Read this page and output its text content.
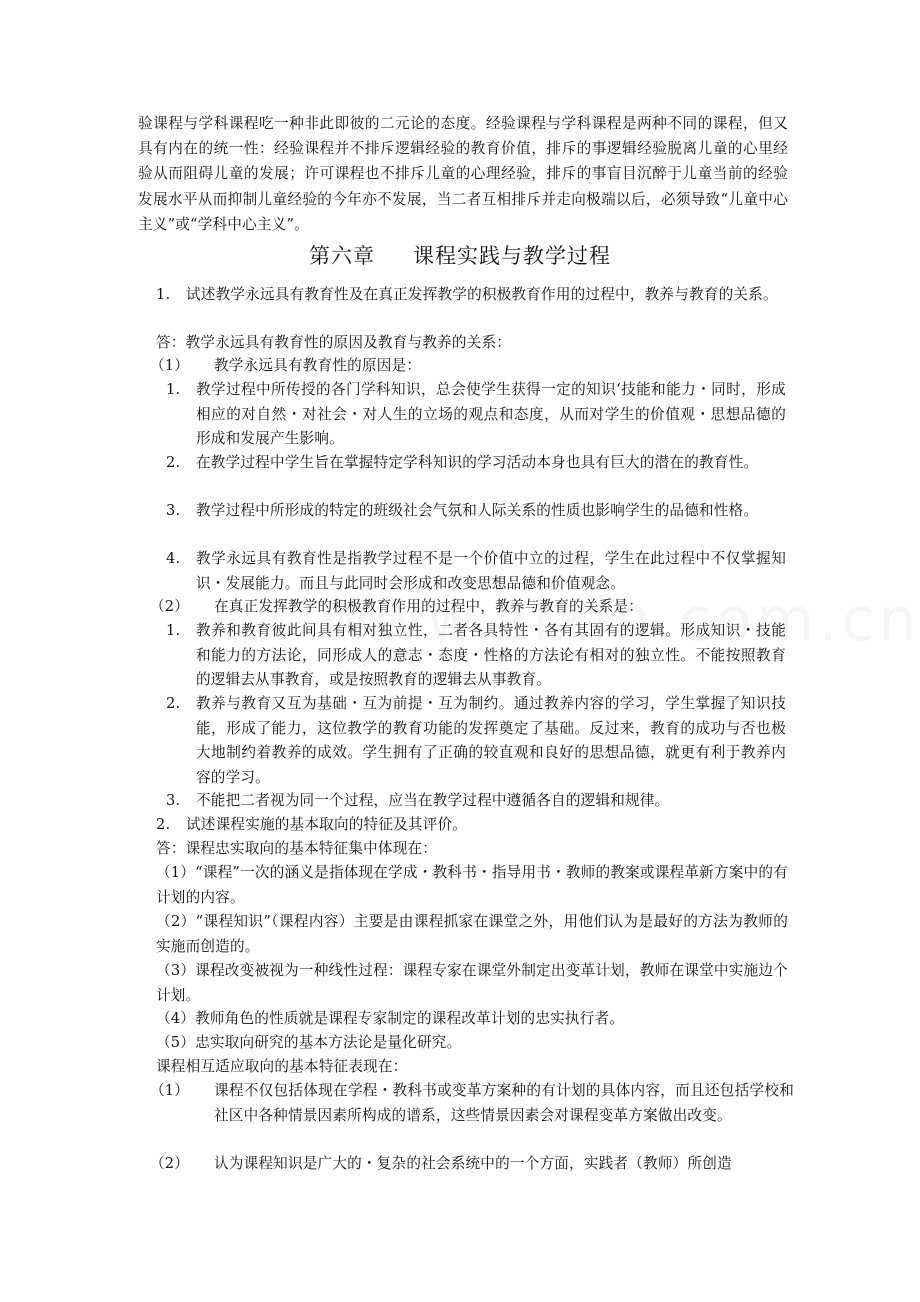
验课程与学科课程吃一种非此即彼的二元论的态度。经验课程与学科课程是两种不同的课程，但又具有内在的统一性：经验课程并不排斥逻辑经验的教育价值，排斥的事逻辑经验脱离儿童的心里经验从而阻碍儿童的发展；许可课程也不排斥儿童的心理经验，排斥的事盲目沉醉于儿童当前的经验发展水平从而抑制儿童经验的今年亦不发展，当二者互相排斥并走向极端以后，必须导致“儿童中心主义”或“学科中心主义”。
第六章 课程实践与教学过程
1. 试述教学永远具有教育性及在真正发挥教学的积极教育作用的过程中，教养与教育的关系。
答：教学永远具有教育性的原因及教育与教养的关系：
（1） 教学永远具有教育性的原因是：
1. 教学过程中所传授的各门学科知识，总会使学生获得一定的知识‘技能和能力・同时，形成相应的对自然・对社会・对人生的立场的观点和态度，从而对学生的价值观・思想品德的形成和发展产生影响。
2. 在教学过程中学生旨在掌握特定学科知识的学习活动本身也具有巨大的潜在的教育性。
3. 教学过程中所形成的特定的班级社会气氛和人际关系的性质也影响学生的品德和性格。
4. 教学永远具有教育性是指教学过程不是一个价值中立的过程，学生在此过程中不仅掌握知识・发展能力。而且与此同时会形成和改变思想品德和价值观念。
（2） 在真正发挥教学的积极教育作用的过程中，教养与教育的关系是：
1. 教养和教育彼此间具有相对独立性，二者各具特性・各有其固有的逻辑。形成知识・技能和能力的方法论，同形成人的意志・态度・性格的方法论有相对的独立性。不能按照教育的逻辑去从事教育，或是按照教育的逻辑去从事教育。
2. 教养与教育又互为基础・互为前提・互为制约。通过教养内容的学习，学生掌握了知识技能，形成了能力，这位教学的教育功能的发挥奠定了基础。反过来，教育的成功与否也极大地制约着教养的成效。学生拥有了正确的较直观和良好的思想品德，就更有利于教养内容的学习。
3. 不能把二者视为同一个过程，应当在教学过程中遵循各自的逻辑和规律。
2. 试述课程实施的基本取向的特征及其评价。
答：课程忠实取向的基本特征集中体现在：
（1）“课程”一次的涵义是指体现在学成・教科书・指导用书・教师的教案或课程革新方案中的有计划的内容。
（2）“课程知识”（课程内容）主要是由课程抓家在课堂之外，用他们认为是最好的方法为教师的实施而创造的。
（3）课程改变被视为一种线性过程：课程专家在课堂外制定出变革计划，教师在课堂中实施边个计划。
（4）教师角色的性质就是课程专家制定的课程改革计划的忠实执行者。
（5）忠实取向研究的基本方法论是量化研究。
课程相互适应取向的基本特征表现在：
（1） 课程不仅包括体现在学程・教科书或变革方案种的有计划的具体内容，而且还包括学校和社区中各种情景因素所构成的谱系，这些情景因素会对课程变革方案做出改变。
（2） 认为课程知识是广大的・复杂的社会系统中的一个方面，实践者（教师）所创造
